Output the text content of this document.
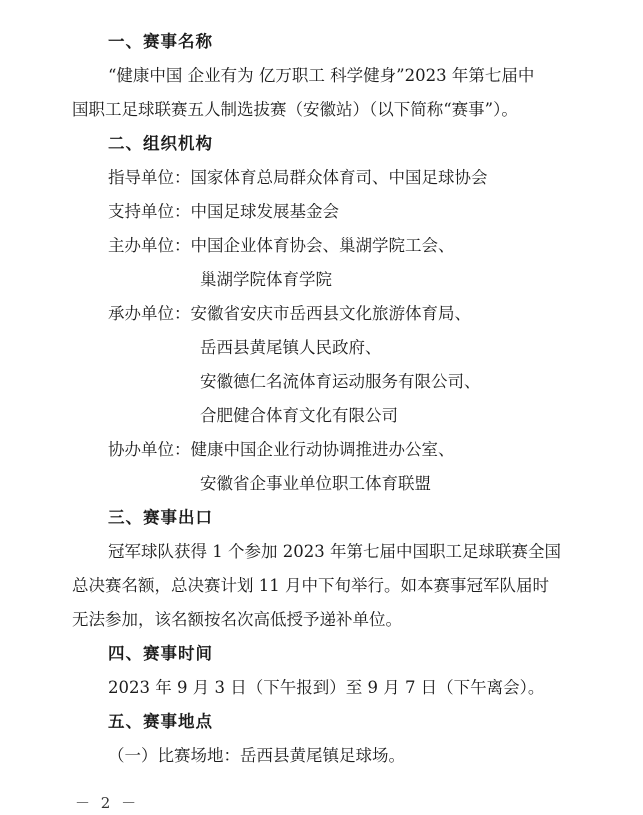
一、赛事名称
“健康中国 企业有为 亿万职工 科学健身”2023 年第七届中
国职工足球联赛五人制选拔赛（安徽站）（以下简称“赛事”）。
二、组织机构
指导单位：国家体育总局群众体育司、中国足球协会
支持单位：中国足球发展基金会
主办单位：中国企业体育协会、巢湖学院工会、
巢湖学院体育学院
承办单位：安徽省安庆市岳西县文化旅游体育局、
岳西县黄尾镇人民政府、
安徽德仁名流体育运动服务有限公司、
合肥健合体育文化有限公司
协办单位：健康中国企业行动协调推进办公室、
安徽省企事业单位职工体育联盟
三、赛事出口
冠军球队获得 1 个参加 2023 年第七届中国职工足球联赛全国
总决赛名额，总决赛计划 11 月中下旬举行。如本赛事冠军队届时
无法参加，该名额按名次高低授予递补单位。
四、赛事时间
2023 年 9 月 3 日（下午报到）至 9 月 7 日（下午离会）。
五、赛事地点
（一）比赛场地：岳西县黄尾镇足球场。
－ 2 －
